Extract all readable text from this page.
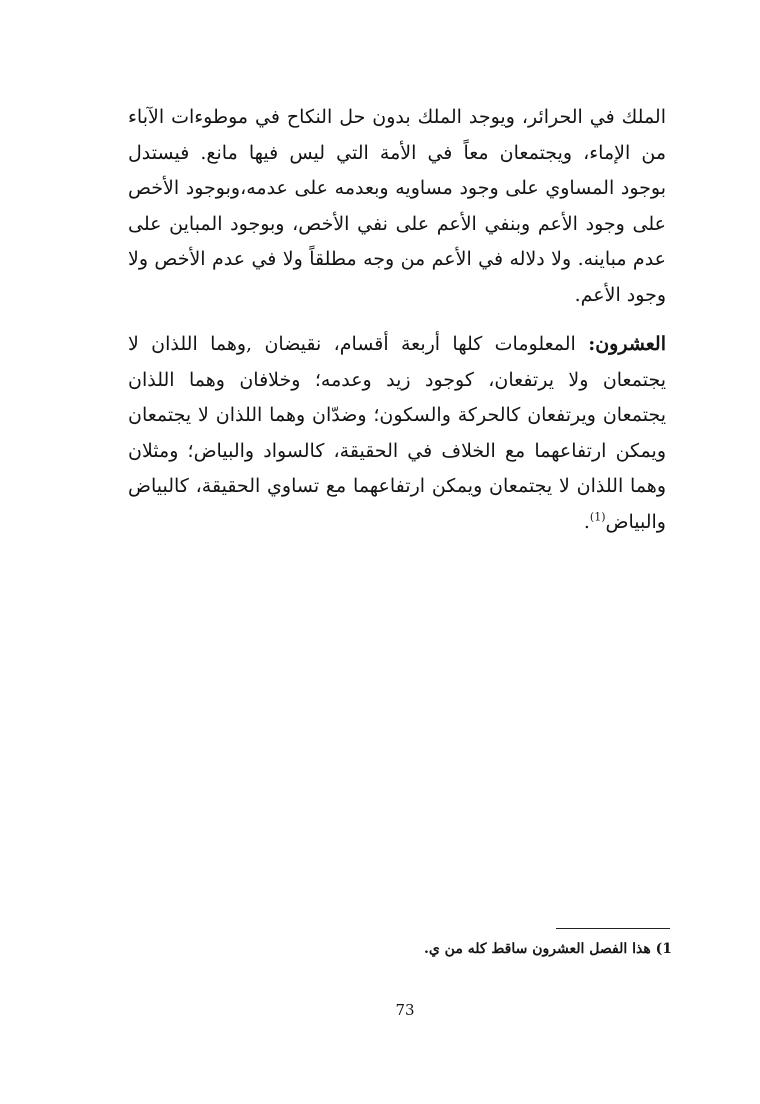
الملك في الحرائر، ويوجد الملك بدون حل النكاح في موطوءات الآباء من الإماء، ويجتمعان معاً في الأمة التي ليس فيها مانع. فيستدل بوجود المساوي على وجود مساويه وبعدمه على عدمه،وبوجود الأخص على وجود الأعم وبنفي الأعم على نفي الأخص، وبوجود المباين على عدم مباينه. ولا دلاله في الأعم من وجه مطلقاً ولا في عدم الأخص ولا وجود الأعم.

العشرون: المعلومات كلها أربعة أقسام، نقيضان ,وهما اللذان لا يجتمعان ولا يرتفعان، كوجود زيد وعدمه؛ وخلافان وهما اللذان يجتمعان ويرتفعان كالحركة والسكون؛ وضدّان وهما اللذان لا يجتمعان ويمكن ارتفاعهما مع الخلاف في الحقيقة، كالسواد والبياض؛ ومثلان وهما اللذان لا يجتمعان ويمكن ارتفاعهما مع تساوي الحقيقة، كالبياض والبياض$^{(1)}$.

1) هذا الفصل العشرون ساقط كله من ي.
73
